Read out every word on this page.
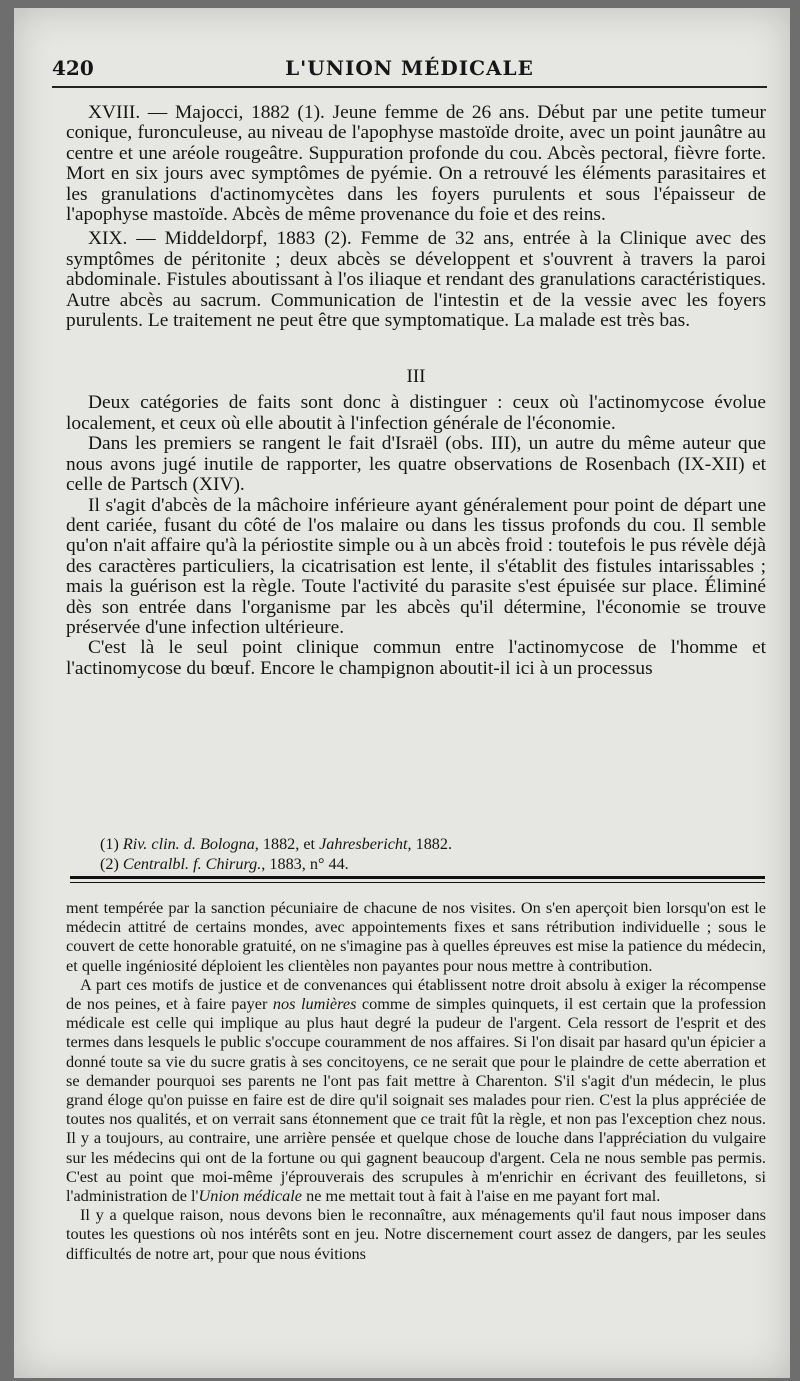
420	L'UNION MÉDICALE

XVIII. — Majocci, 1882 (1). Jeune femme de 26 ans. Début par une petite tumeur conique, furonculeuse, au niveau de l'apophyse mastoïde droite, avec un point jaunâtre au centre et une aréole rougeâtre. Suppuration profonde du cou. Abcès pectoral, fièvre forte. Mort en six jours avec symptômes de pyémie. On a retrouvé les éléments parasitaires et les granulations d'actinomycètes dans les foyers purulents et sous l'épaisseur de l'apophyse mastoïde. Abcès de même provenance du foie et des reins.

XIX. — Middeldorpf, 1883 (2). Femme de 32 ans, entrée à la Clinique avec des symptômes de péritonite ; deux abcès se développent et s'ouvrent à travers la paroi abdominale. Fistules aboutissant à l'os iliaque et rendant des granulations caractéristiques. Autre abcès au sacrum. Communication de l'intestin et de la vessie avec les foyers purulents. Le traitement ne peut être que symptomatique. La malade est très bas.

III

Deux catégories de faits sont donc à distinguer : ceux où l'actinomycose évolue localement, et ceux où elle aboutit à l'infection générale de l'économie.

Dans les premiers se rangent le fait d'Israël (obs. III), un autre du même auteur que nous avons jugé inutile de rapporter, les quatre observations de Rosenbach (IX-XII) et celle de Partsch (XIV).

Il s'agit d'abcès de la mâchoire inférieure ayant généralement pour point de départ une dent cariée, fusant du côté de l'os malaire ou dans les tissus profonds du cou. Il semble qu'on n'ait affaire qu'à la périostite simple ou à un abcès froid : toutefois le pus révèle déjà des caractères particuliers, la cicatrisation est lente, il s'établit des fistules intarissables ; mais la guérison est la règle. Toute l'activité du parasite s'est épuisée sur place. Éliminé dès son entrée dans l'organisme par les abcès qu'il détermine, l'économie se trouve préservée d'une infection ultérieure.

C'est là le seul point clinique commun entre l'actinomycose de l'homme et l'actinomycose du bœuf. Encore le champignon aboutit-il ici à un processus

(1) Riv. clin. d. Bologna, 1882, et Jahresbericht, 1882.
(2) Centralbl. f. Chirurg., 1883, n° 44.

ment tempérée par la sanction pécuniaire de chacune de nos visites. On s'en aperçoit bien lorsqu'on est le médecin attitré de certains mondes, avec appointements fixes et sans rétribution individuelle ; sous le couvert de cette honorable gratuité, on ne s'imagine pas à quelles épreuves est mise la patience du médecin, et quelle ingéniosité déploient les clientèles non payantes pour nous mettre à contribution.

A part ces motifs de justice et de convenances qui établissent notre droit absolu à exiger la récompense de nos peines, et à faire payer nos lumières comme de simples quinquets, il est certain que la profession médicale est celle qui implique au plus haut degré la pudeur de l'argent. Cela ressort de l'esprit et des termes dans lesquels le public s'occupe couramment de nos affaires. Si l'on disait par hasard qu'un épicier a donné toute sa vie du sucre gratis à ses concitoyens, ce ne serait que pour le plaindre de cette aberration et se demander pourquoi ses parents ne l'ont pas fait mettre à Charenton. S'il s'agit d'un médecin, le plus grand éloge qu'on puisse en faire est de dire qu'il soignait ses malades pour rien. C'est la plus appréciée de toutes nos qualités, et on verrait sans étonnement que ce trait fût la règle, et non pas l'exception chez nous. Il y a toujours, au contraire, une arrière pensée et quelque chose de louche dans l'appréciation du vulgaire sur les médecins qui ont de la fortune ou qui gagnent beaucoup d'argent. Cela ne nous semble pas permis. C'est au point que moi-même j'éprouverais des scrupules à m'enrichir en écrivant des feuilletons, si l'administration de l'Union médicale ne me mettait tout à fait à l'aise en me payant fort mal.

Il y a quelque raison, nous devons bien le reconnaître, aux ménagements qu'il faut nous imposer dans toutes les questions où nos intérêts sont en jeu. Notre discernement court assez de dangers, par les seules difficultés de notre art, pour que nous évitions
